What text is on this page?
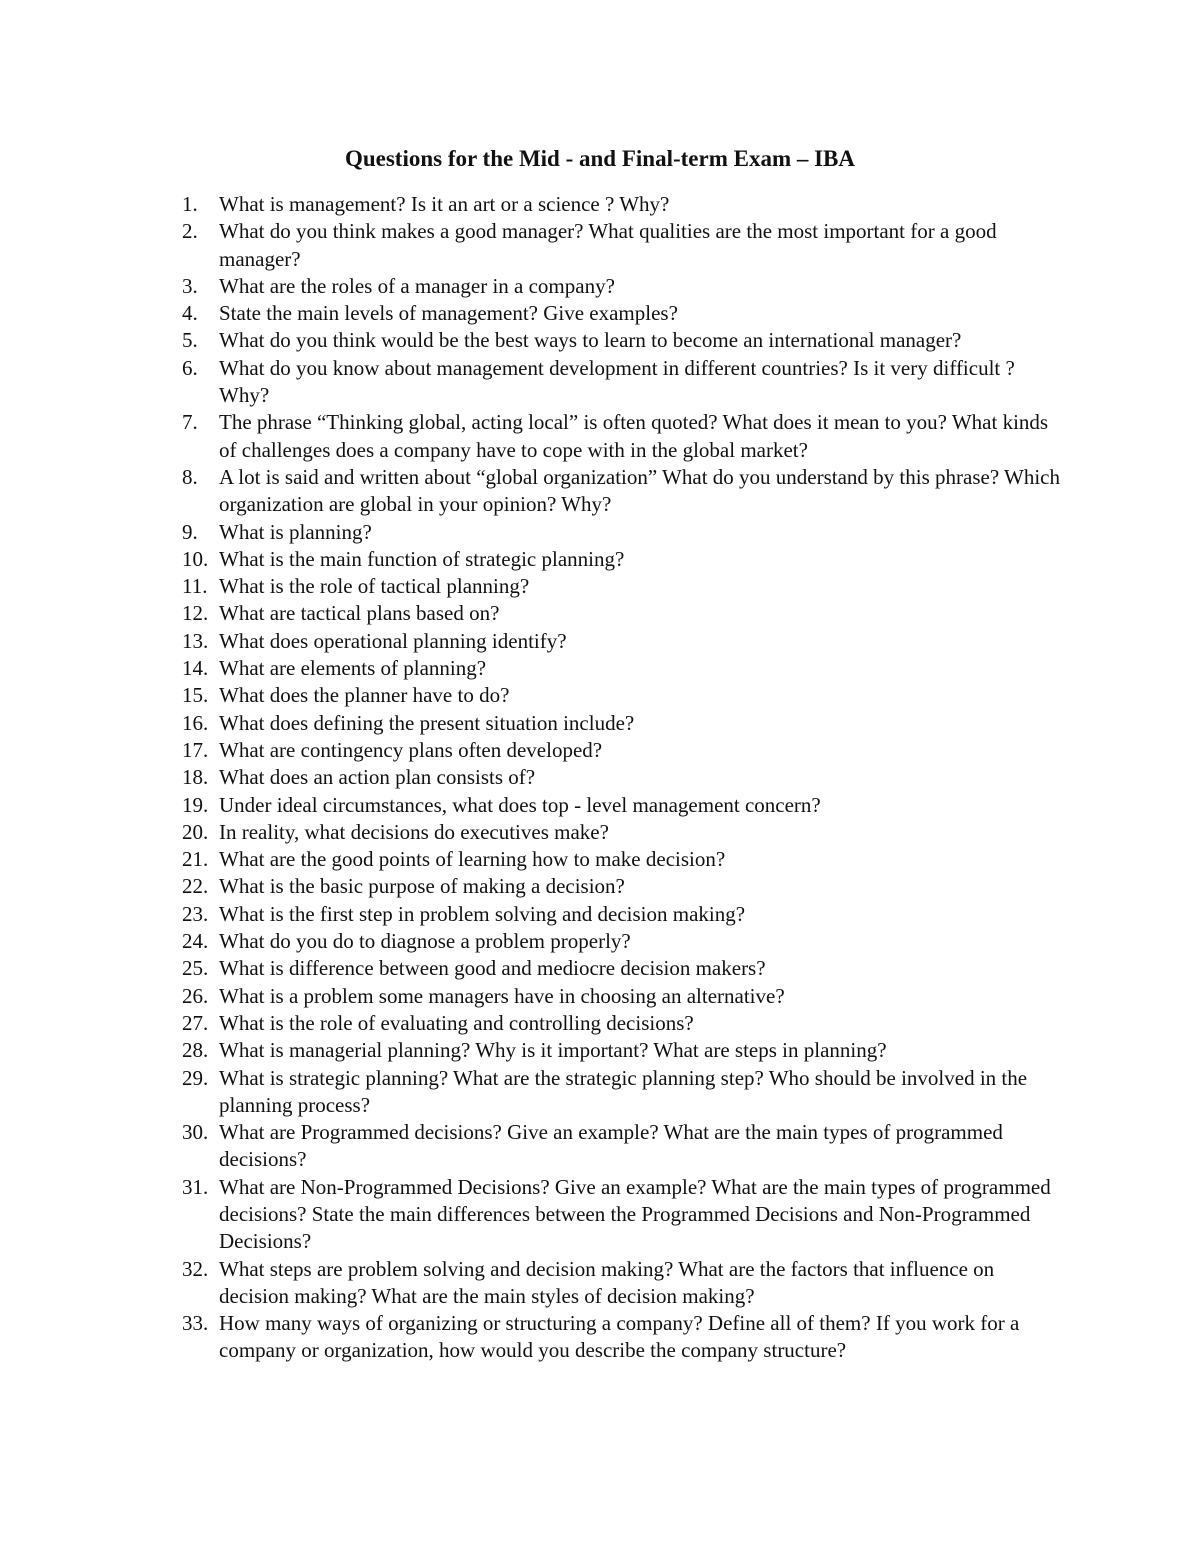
Questions for the Mid - and Final-term Exam – IBA
1. What is management? Is it an art or a science ? Why?
2. What do you think makes a good manager? What qualities are the most important for a good manager?
3. What are the roles of a manager in a company?
4. State the main levels of management? Give examples?
5. What do you think would be the best ways to learn to become an international manager?
6. What do you know about management development in different countries? Is it very difficult ? Why?
7. The phrase “Thinking global, acting local” is often quoted? What does it mean to you? What kinds of challenges does a company have to cope with in the global market?
8. A lot is said and written about “global organization” What do you understand by this phrase? Which organization are global in your opinion? Why?
9. What is planning?
10. What is the main function of strategic planning?
11. What is the role of tactical planning?
12. What are tactical plans based on?
13. What does operational planning identify?
14. What are elements of planning?
15. What does the planner have to do?
16. What does defining the present situation include?
17. What are contingency plans often developed?
18. What does an action plan consists of?
19. Under ideal circumstances, what does top - level management concern?
20. In reality, what decisions do executives make?
21. What are the good points of learning how to make decision?
22. What is the basic purpose of making a decision?
23. What is the first step in problem solving and decision making?
24. What do you do to diagnose a problem properly?
25. What is difference between good and mediocre decision makers?
26. What is a problem some managers have in choosing an alternative?
27. What is the role of evaluating and controlling decisions?
28. What is managerial planning? Why is it important? What are steps in planning?
29. What is strategic planning? What are the strategic planning step? Who should be involved in the planning process?
30. What are Programmed decisions? Give an example? What are the main types of programmed decisions?
31. What are Non-Programmed Decisions? Give an example? What are the main types of programmed decisions? State the main differences between the Programmed Decisions and Non-Programmed Decisions?
32. What steps are problem solving and decision making? What are the factors that influence on decision making? What are the main styles of decision making?
33. How many ways of organizing or structuring a company? Define all of them? If you work for a company or organization, how would you describe the company structure?
